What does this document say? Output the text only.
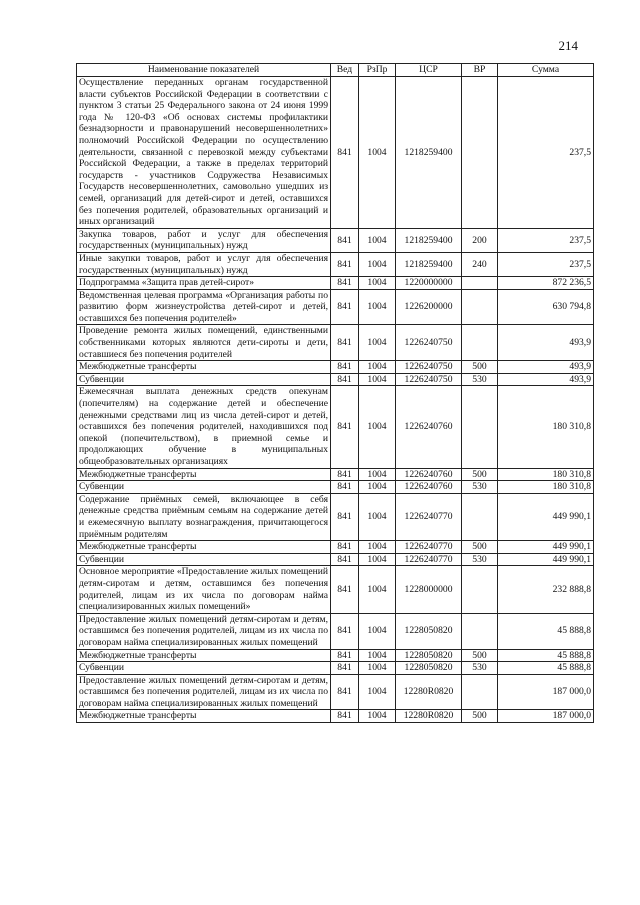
214
Наименование показателей	Вед	РзПр	ЦСР	ВР	Сумма
Осуществление переданных органам государственной власти субъектов Российской Федерации в соответствии с пунктом 3 статьи 25 Федерального закона от 24 июня 1999 года № 120-ФЗ «Об основах системы профилактики безнадзорности и правонарушений несовершеннолетних» полномочий Российской Федерации по осуществлению деятельности, связанной с перевозкой между субъектами Российской Федерации, а также в пределах территорий государств - участников Содружества Независимых Государств несовершеннолетних, самовольно ушедших из семей, организаций для детей-сирот и детей, оставшихся без попечения родителей, образовательных организаций и иных организаций	841	1004	1218259400		237,5
Закупка товаров, работ и услуг для обеспечения государственных (муниципальных) нужд	841	1004	1218259400	200	237,5
Иные закупки товаров, работ и услуг для обеспечения государственных (муниципальных) нужд	841	1004	1218259400	240	237,5
Подпрограмма «Защита прав детей-сирот»	841	1004	1220000000		872 236,5
Ведомственная целевая программа «Организация работы по развитию форм жизнеустройства детей-сирот и детей, оставшихся без попечения родителей»	841	1004	1226200000		630 794,8
Проведение ремонта жилых помещений, единственными собственниками которых являются дети-сироты и дети, оставшиеся без попечения родителей	841	1004	1226240750		493,9
Межбюджетные трансферты	841	1004	1226240750	500	493,9
Субвенции	841	1004	1226240750	530	493,9
Ежемесячная выплата денежных средств опекунам (попечителям) на содержание детей и обеспечение денежными средствами лиц из числа детей-сирот и детей, оставшихся без попечения родителей, находившихся под опекой (попечительством), в приемной семье и продолжающих обучение в муниципальных общеобразовательных организациях	841	1004	1226240760		180 310,8
Межбюджетные трансферты	841	1004	1226240760	500	180 310,8
Субвенции	841	1004	1226240760	530	180 310,8
Содержание приёмных семей, включающее в себя денежные средства приёмным семьям на содержание детей и ежемесячную выплату вознаграждения, причитающегося приёмным родителям	841	1004	1226240770		449 990,1
Межбюджетные трансферты	841	1004	1226240770	500	449 990,1
Субвенции	841	1004	1226240770	530	449 990,1
Основное мероприятие «Предоставление жилых помещений детям-сиротам и детям, оставшимся без попечения родителей, лицам из их числа по договорам найма специализированных жилых помещений»	841	1004	1228000000		232 888,8
Предоставление жилых помещений детям-сиротам и детям, оставшимся без попечения родителей, лицам из их числа по договорам найма специализированных жилых помещений	841	1004	1228050820		45 888,8
Межбюджетные трансферты	841	1004	1228050820	500	45 888,8
Субвенции	841	1004	1228050820	530	45 888,8
Предоставление жилых помещений детям-сиротам и детям, оставшимся без попечения родителей, лицам из их числа по договорам найма специализированных жилых помещений	841	1004	12280R0820		187 000,0
Межбюджетные трансферты	841	1004	12280R0820	500	187 000,0
